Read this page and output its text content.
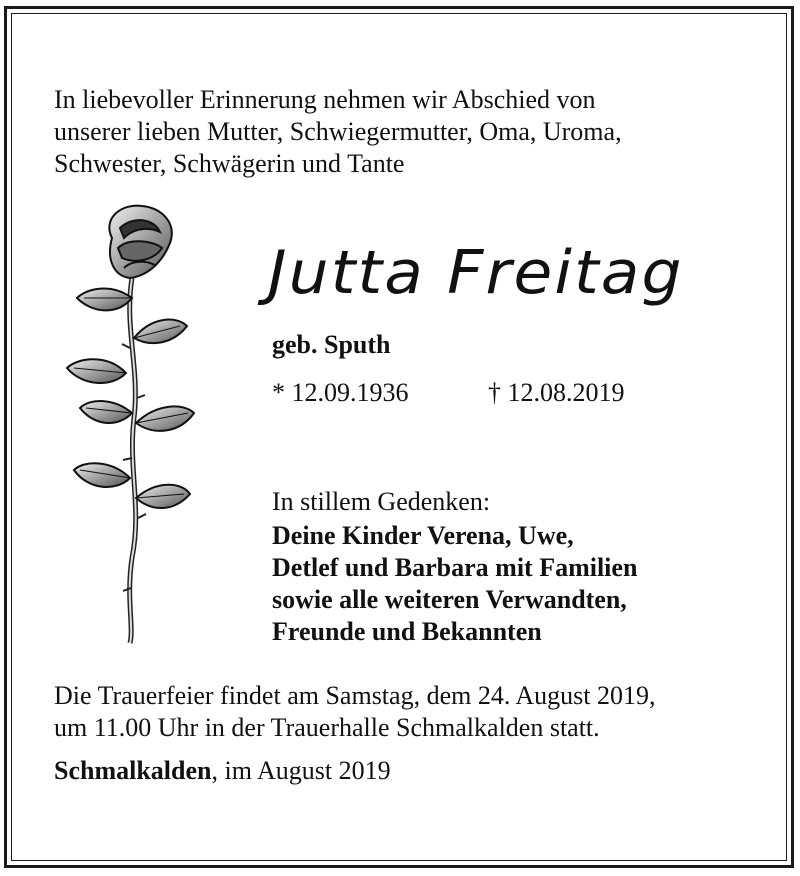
In liebevoller Erinnerung nehmen wir Abschied von
unserer lieben Mutter, Schwiegermutter, Oma, Uroma,
Schwester, Schwägerin und Tante
Jutta Freitag
geb. Sputh
* 12.09.1936	† 12.08.2019
In stillem Gedenken:
Deine Kinder Verena, Uwe,
Detlef und Barbara mit Familien
sowie alle weiteren Verwandten,
Freunde und Bekannten
Die Trauerfeier findet am Samstag, dem 24. August 2019,
um 11.00 Uhr in der Trauerhalle Schmalkalden statt.
Schmalkalden, im August 2019
